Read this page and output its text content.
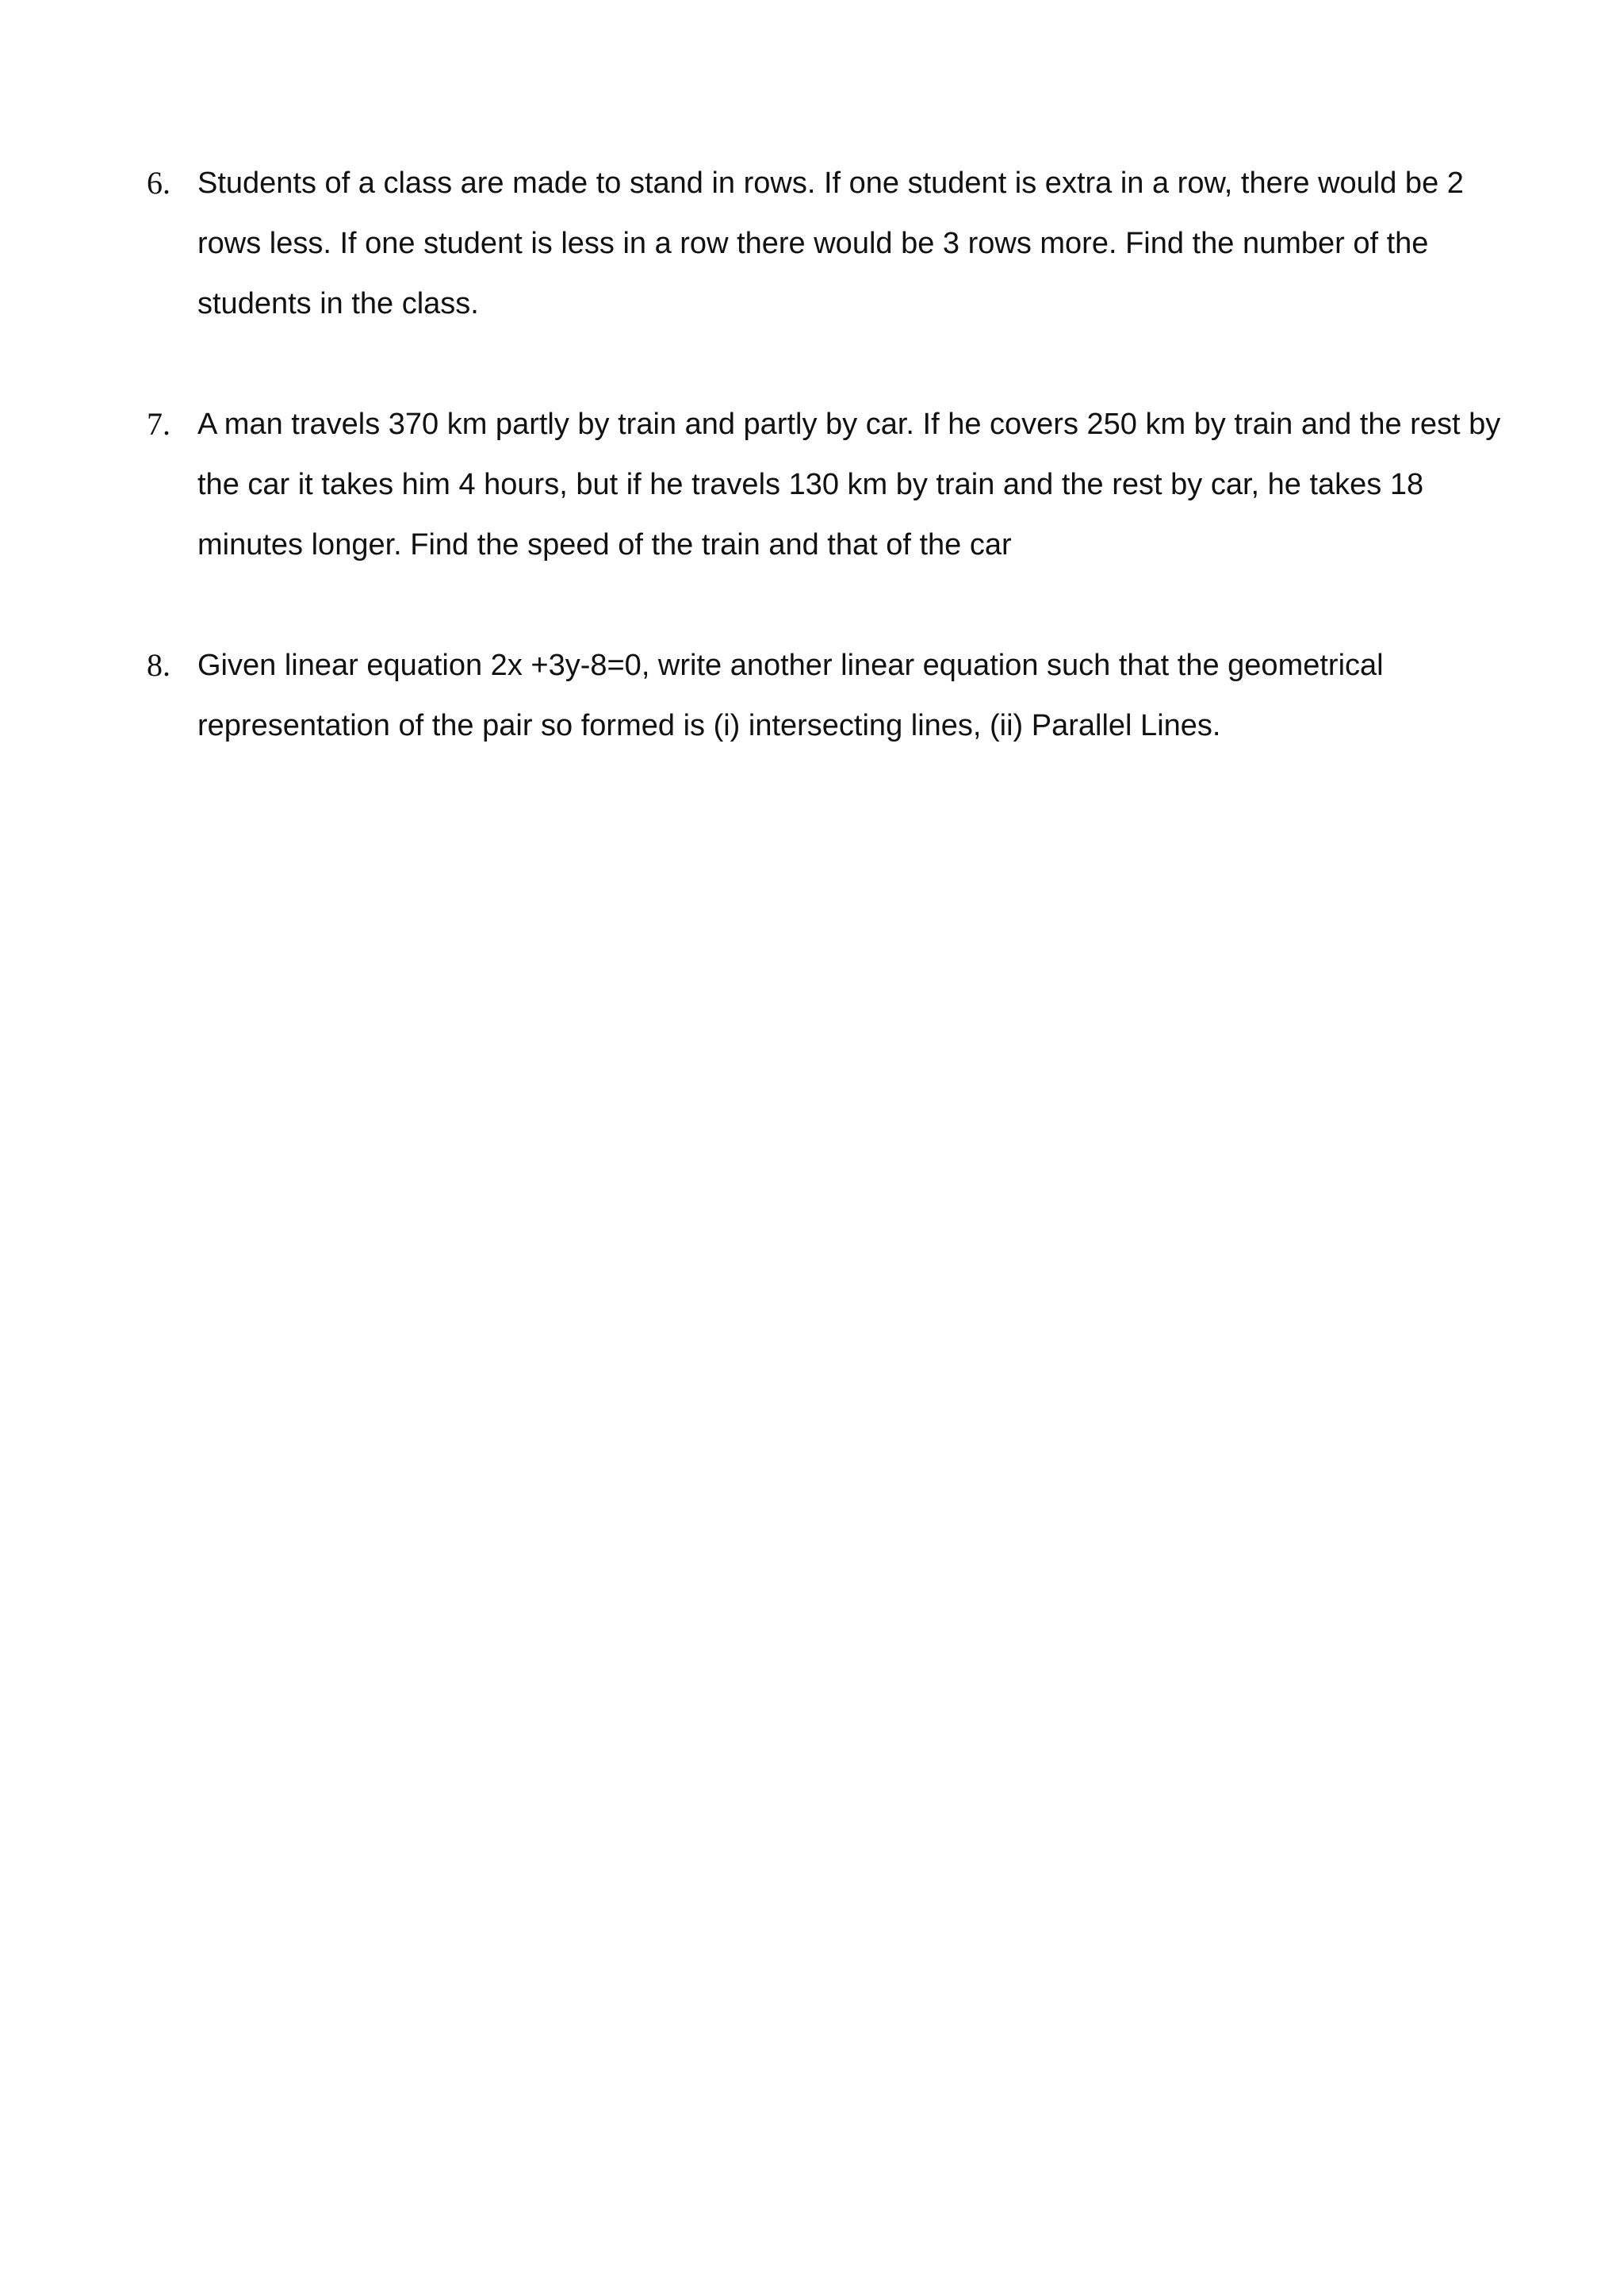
6. Students of a class are made to stand in rows. If one student is extra in a row, there would be 2 rows less. If one student is less in a row there would be 3 rows more. Find the number of the students in the class.

7. A man travels 370 km partly by train and partly by car. If he covers 250 km by train and the rest by the car it takes him 4 hours, but if he travels 130 km by train and the rest by car, he takes 18 minutes longer. Find the speed of the train and that of the car

8. Given linear equation 2x +3y-8=0, write another linear equation such that the geometrical representation of the pair so formed is (i) intersecting lines, (ii) Parallel Lines.
